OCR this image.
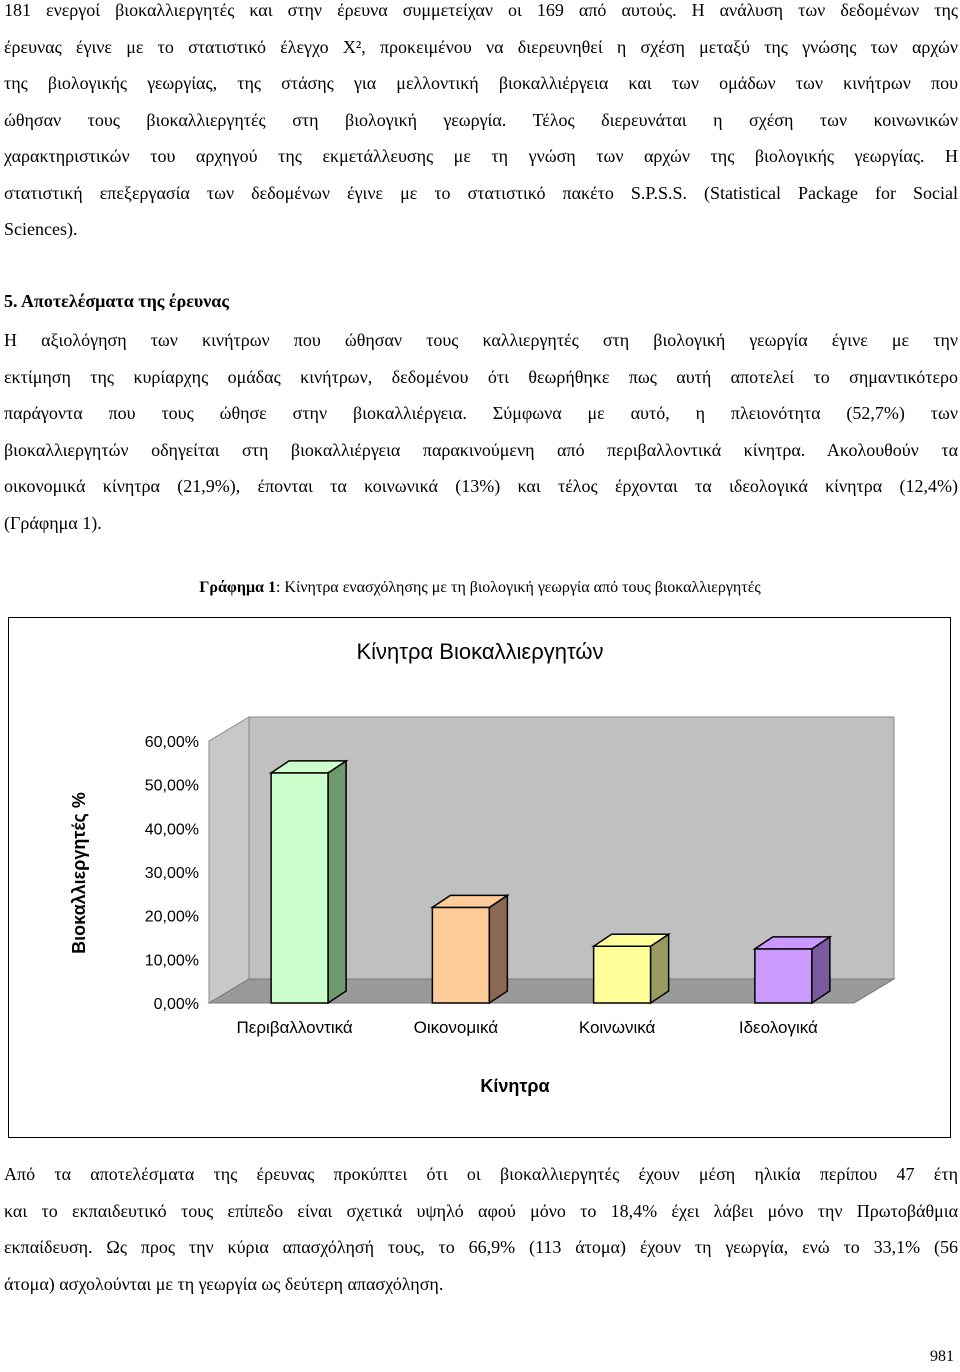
181 ενεργοί βιοκαλλιεργητές και στην έρευνα συμμετείχαν οι 169 από αυτούς. Η ανάλυση των δεδομένων της
έρευνας έγινε με το στατιστικό έλεγχο Χ², προκειμένου να διερευνηθεί η σχέση μεταξύ της γνώσης των αρχών
της βιολογικής γεωργίας, της στάσης για μελλοντική βιοκαλλιέργεια και των ομάδων των κινήτρων που
ώθησαν τους βιοκαλλιεργητές στη βιολογική γεωργία. Τέλος διερευνάται η σχέση των κοινωνικών
χαρακτηριστικών του αρχηγού της εκμετάλλευσης με τη γνώση των αρχών της βιολογικής γεωργίας. Η
στατιστική επεξεργασία των δεδομένων έγινε με το στατιστικό πακέτο S.P.S.S. (Statistical Package for Social
Sciences).
5. Αποτελέσματα της έρευνας
Η αξιολόγηση των κινήτρων που ώθησαν τους καλλιεργητές στη βιολογική γεωργία έγινε με την
εκτίμηση της κυρίαρχης ομάδας κινήτρων, δεδομένου ότι θεωρήθηκε πως αυτή αποτελεί το σημαντικότερο
παράγοντα που τους ώθησε στην βιοκαλλιέργεια. Σύμφωνα με αυτό, η πλειονότητα (52,7%) των
βιοκαλλιεργητών οδηγείται στη βιοκαλλιέργεια παρακινούμενη από περιβαλλοντικά κίνητρα. Ακολουθούν τα
οικονομικά κίνητρα (21,9%), έπονται τα κοινωνικά (13%) και τέλος έρχονται τα ιδεολογικά κίνητρα (12,4%)
(Γράφημα 1).
Γράφημα 1: Κίνητρα ενασχόλησης με τη βιολογική γεωργία από τους βιοκαλλιεργητές
Κίνητρα Βιοκαλλιεργητών
0,00%
10,00%
20,00%
30,00%
40,00%
50,00%
60,00%
Βιοκαλλιεργητές %
Περιβαλλοντικά	Οικονομικά	Κοινωνικά	Ιδεολογικά
Κίνητρα
Από τα αποτελέσματα της έρευνας προκύπτει ότι οι βιοκαλλιεργητές έχουν μέση ηλικία περίπου 47 έτη
και το εκπαιδευτικό τους επίπεδο είναι σχετικά υψηλό αφού μόνο το 18,4% έχει λάβει μόνο την Πρωτοβάθμια
εκπαίδευση. Ως προς την κύρια απασχόλησή τους, το 66,9% (113 άτομα) έχουν τη γεωργία, ενώ το 33,1% (56
άτομα) ασχολούνται με τη γεωργία ως δεύτερη απασχόληση.
981
